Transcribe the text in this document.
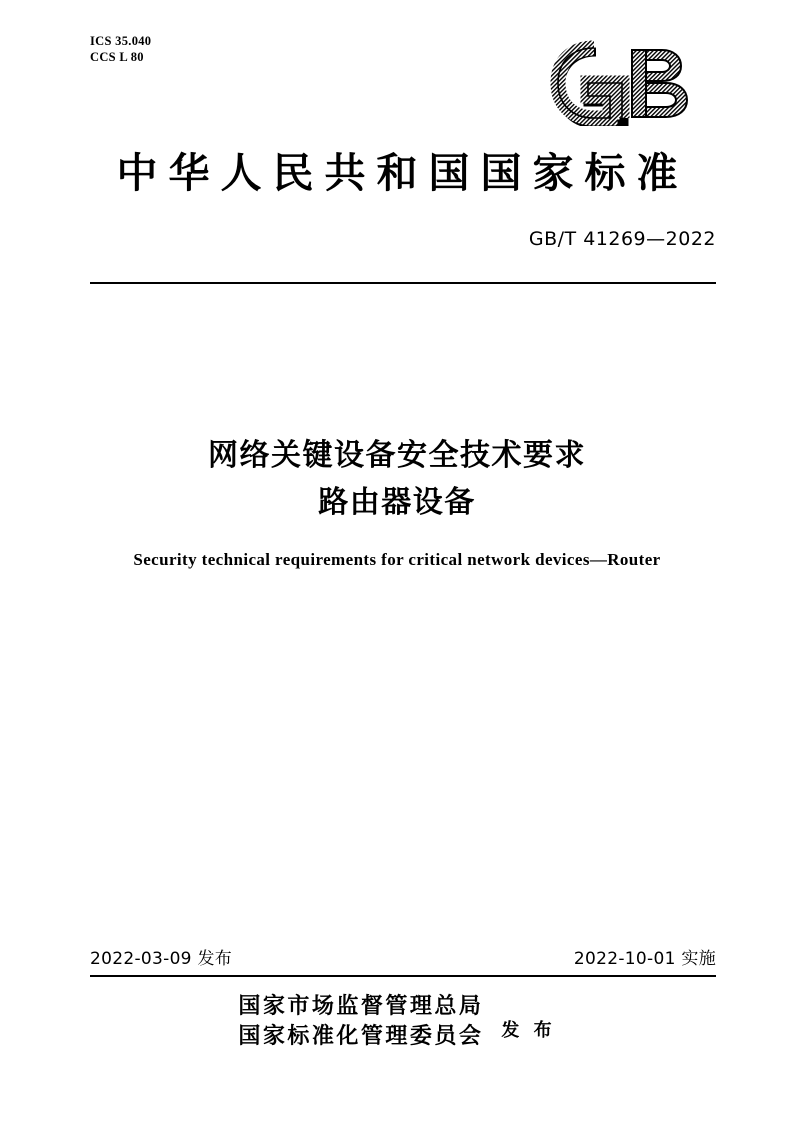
ICS 35.040
CCS L 80
中华人民共和国国家标准
GB/T 41269—2022
网络关键设备安全技术要求
路由器设备
Security technical requirements for critical network devices—Router
2022-03-09 发布	2022-10-01 实施
国家市场监督管理总局
国家标准化管理委员会 发 布
